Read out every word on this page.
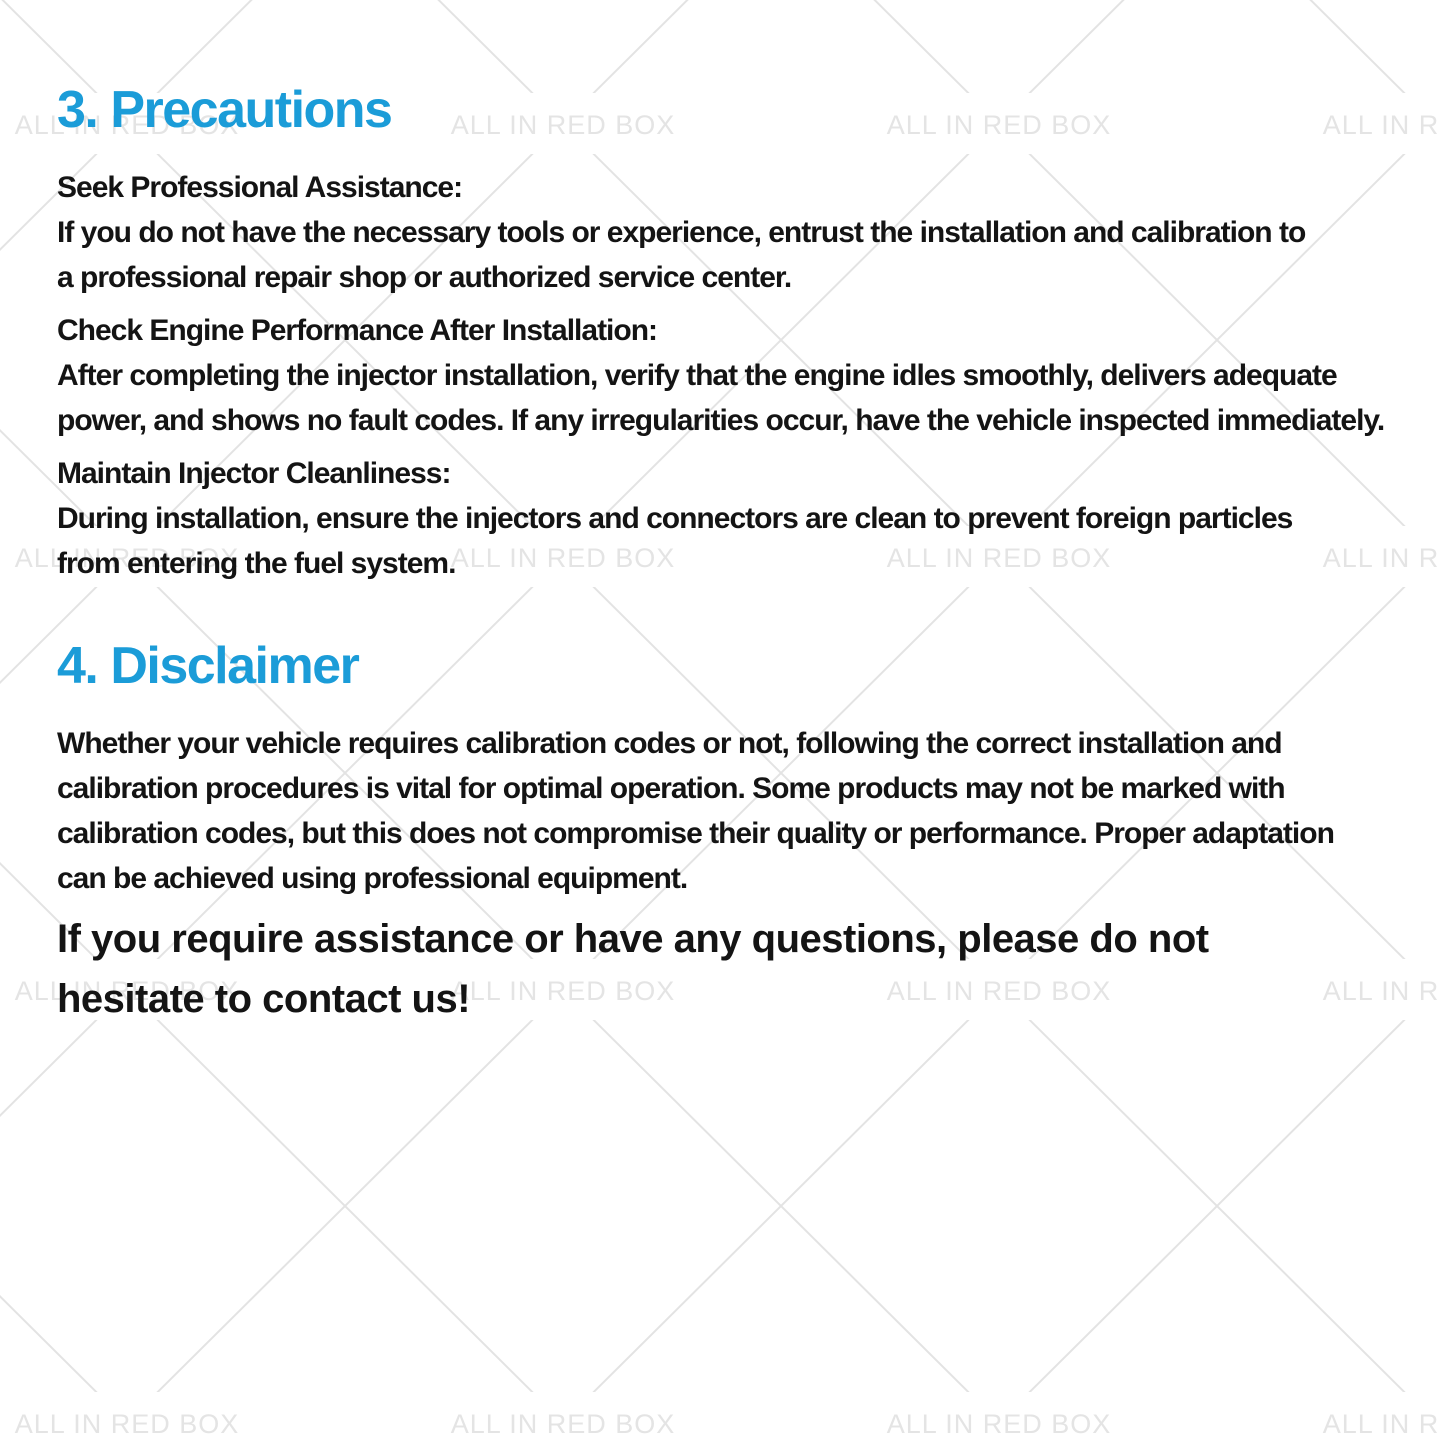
3. Precautions
Seek Professional Assistance:
If you do not have the necessary tools or experience, entrust the installation and calibration to
a professional repair shop or authorized service center.
Check Engine Performance After Installation:
After completing the injector installation, verify that the engine idles smoothly, delivers adequate
power, and shows no fault codes. If any irregularities occur, have the vehicle inspected immediately.
Maintain Injector Cleanliness:
During installation, ensure the injectors and connectors are clean to prevent foreign particles
from entering the fuel system.
4. Disclaimer
Whether your vehicle requires calibration codes or not, following the correct installation and
calibration procedures is vital for optimal operation. Some products may not be marked with
calibration codes, but this does not compromise their quality or performance. Proper adaptation
can be achieved using professional equipment.
If you require assistance or have any questions, please do not
hesitate to contact us!
